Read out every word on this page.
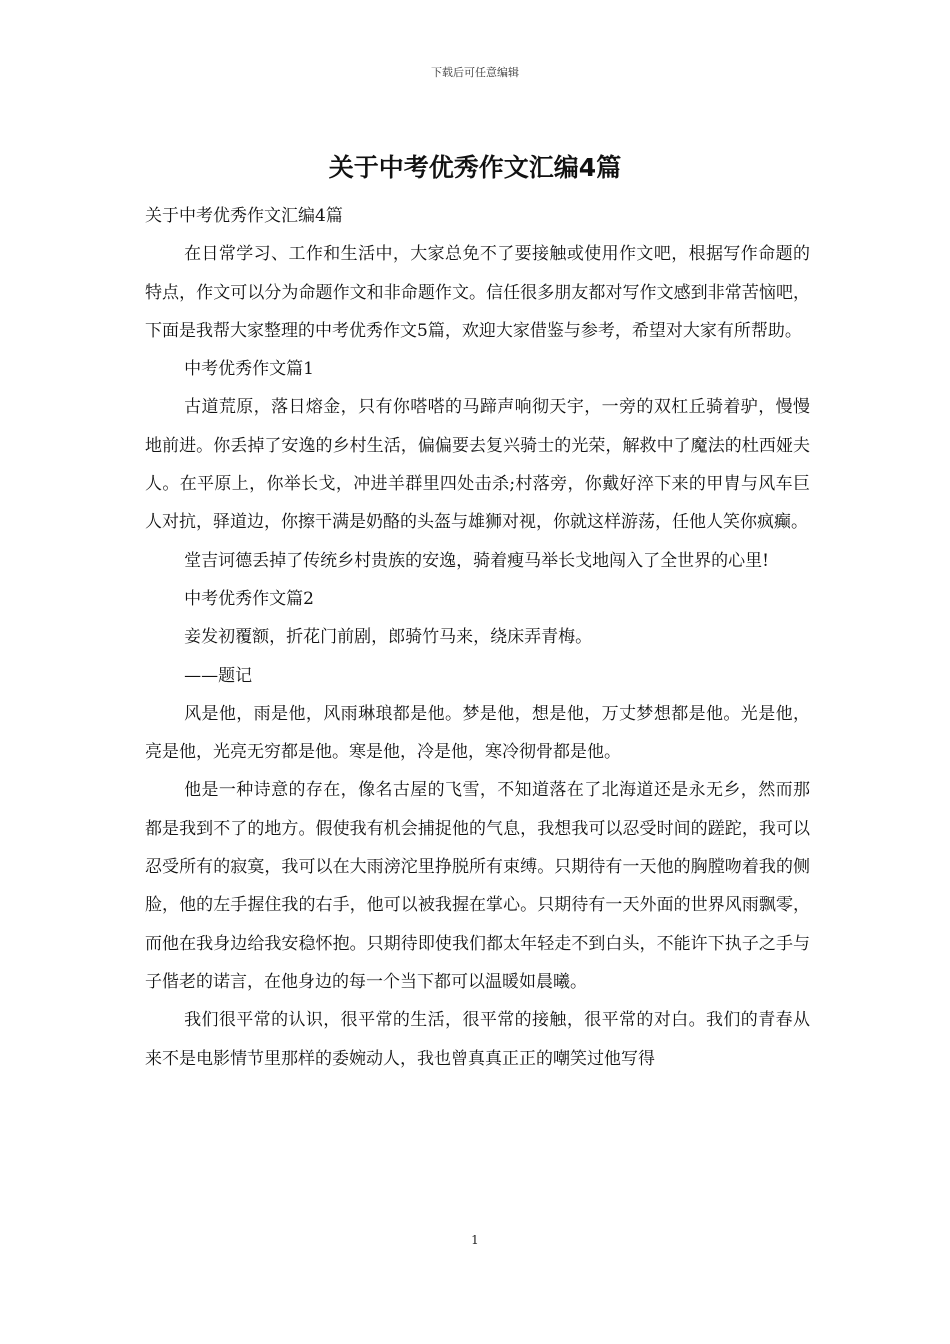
下载后可任意编辑
关于中考优秀作文汇编4篇

关于中考优秀作文汇编4篇

在日常学习、工作和生活中，大家总免不了要接触或使用作文吧，根据写作命题的特点，作文可以分为命题作文和非命题作文。信任很多朋友都对写作文感到非常苦恼吧，下面是我帮大家整理的中考优秀作文5篇，欢迎大家借鉴与参考，希望对大家有所帮助。

中考优秀作文篇1

古道荒原，落日熔金，只有你嗒嗒的马蹄声响彻天宇，一旁的双杠丘骑着驴，慢慢地前进。你丢掉了安逸的乡村生活，偏偏要去复兴骑士的光荣，解救中了魔法的杜西娅夫人。在平原上，你举长戈，冲进羊群里四处击杀;村落旁，你戴好淬下来的甲胄与风车巨人对抗，驿道边，你擦干满是奶酪的头盔与雄狮对视，你就这样游荡，任他人笑你疯癫。

堂吉诃德丢掉了传统乡村贵族的安逸，骑着瘦马举长戈地闯入了全世界的心里!

中考优秀作文篇2

妾发初覆额，折花门前剧，郎骑竹马来，绕床弄青梅。

——题记

风是他，雨是他，风雨琳琅都是他。梦是他，想是他，万丈梦想都是他。光是他，亮是他，光亮无穷都是他。寒是他，冷是他，寒冷彻骨都是他。

他是一种诗意的存在，像名古屋的飞雪，不知道落在了北海道还是永无乡，然而那都是我到不了的地方。假使我有机会捕捉他的气息，我想我可以忍受时间的蹉跎，我可以忍受所有的寂寞，我可以在大雨滂沱里挣脱所有束缚。只期待有一天他的胸膛吻着我的侧脸，他的左手握住我的右手，他可以被我握在掌心。只期待有一天外面的世界风雨飘零，而他在我身边给我安稳怀抱。只期待即使我们都太年轻走不到白头，不能许下执子之手与子偕老的诺言，在他身边的每一个当下都可以温暖如晨曦。

我们很平常的认识，很平常的生活，很平常的接触，很平常的对白。我们的青春从来不是电影情节里那样的委婉动人，我也曾真真正正的嘲笑过他写得

1
